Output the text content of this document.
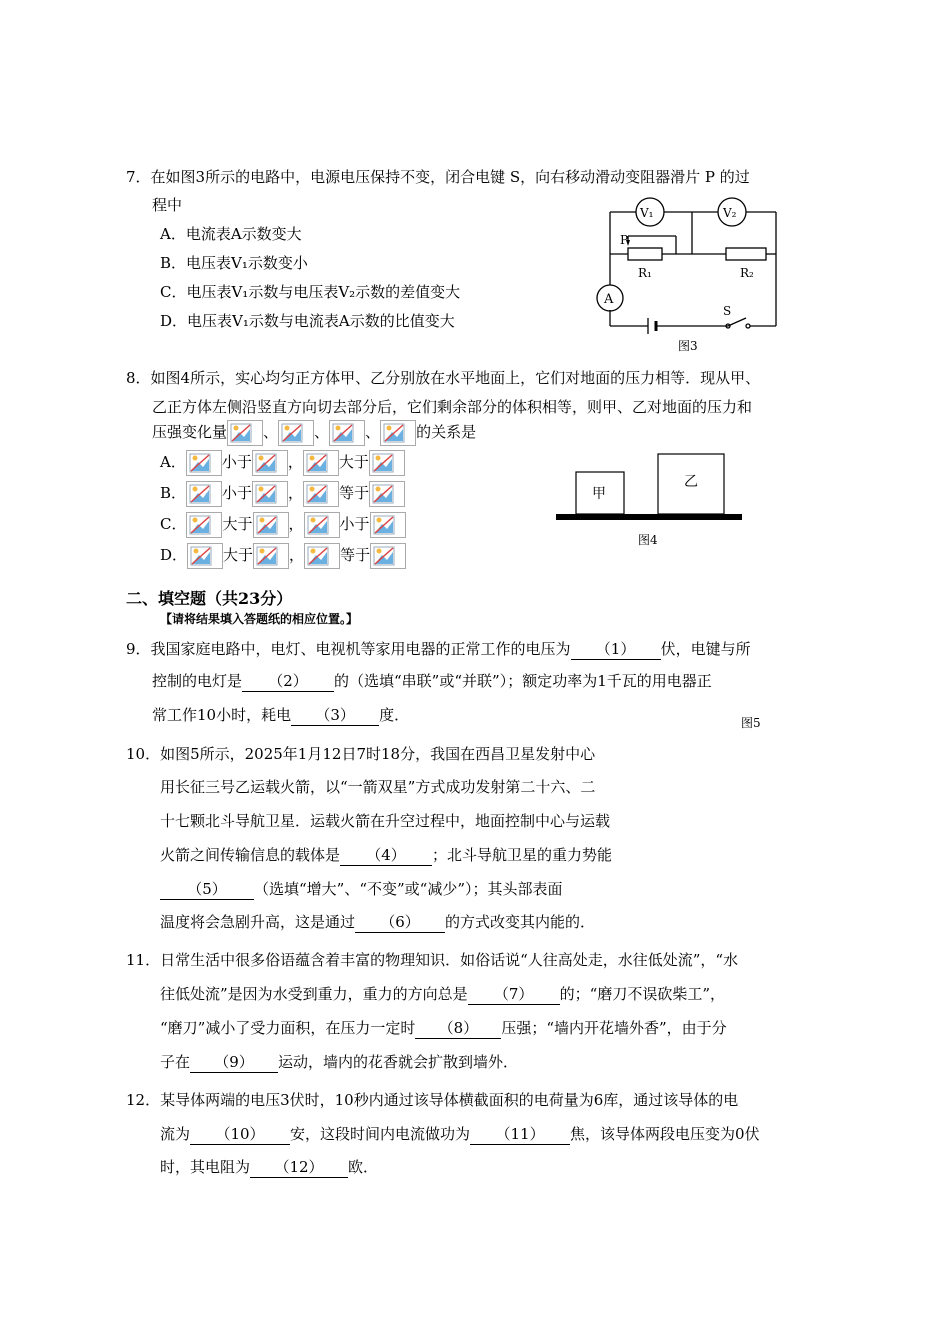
7．在如图3所示的电路中，电源电压保持不变，闭合电键 S，向右移动滑动变阻器滑片 P 的过
程中
A．电流表A示数变大
B．电压表V₁示数变小
C．电压表V₁示数与电压表V₂示数的差值变大
D．电压表V₁示数与电流表A示数的比值变大
V₁	V₂
A
P
R₁	R₂
S
图3
8．如图4所示，实心均匀正方体甲、乙分别放在水平地面上，它们对地面的压力相等．现从甲、
乙正方体左侧沿竖直方向切去部分后，它们剩余部分的体积相等，则甲、乙对地面的压力和
压强变化量 、 、 、 的关系是
A． 小于 ， 大于
B． 小于 ， 等于
C． 大于 ， 小于
D． 大于 ， 等于
甲
乙
图4
二、填空题（共23分）
【请将结果填入答题纸的相应位置。】
9．我国家庭电路中，电灯、电视机等家用电器的正常工作的电压为 （1） 伏，电键与所
控制的电灯是 （2） 的（选填“串联”或“并联”）；额定功率为1千瓦的用电器正
常工作10小时，耗电 （3） 度．	图5
10．如图5所示，2025年1月12日7时18分，我国在西昌卫星发射中心
用长征三号乙运载火箭，以“一箭双星”方式成功发射第二十六、二
十七颗北斗导航卫星．运载火箭在升空过程中，地面控制中心与运载
火箭之间传输信息的载体是 （4） ；北斗导航卫星的重力势能
（5） （选填“增大”、“不变”或“减少”）；其头部表面
温度将会急剧升高，这是通过 （6） 的方式改变其内能的．
11．日常生活中很多俗语蕴含着丰富的物理知识．如俗话说“人往高处走，水往低处流”，“水
往低处流”是因为水受到重力，重力的方向总是 （7） 的；“磨刀不误砍柴工”，
“磨刀”减小了受力面积，在压力一定时 （8） 压强；“墙内开花墙外香”，由于分
子在 （9） 运动，墙内的花香就会扩散到墙外．
12．某导体两端的电压3伏时，10秒内通过该导体横截面积的电荷量为6库，通过该导体的电
流为 （10） 安，这段时间内电流做功为 （11） 焦，该导体两段电压变为0伏
时，其电阻为 （12） 欧．
